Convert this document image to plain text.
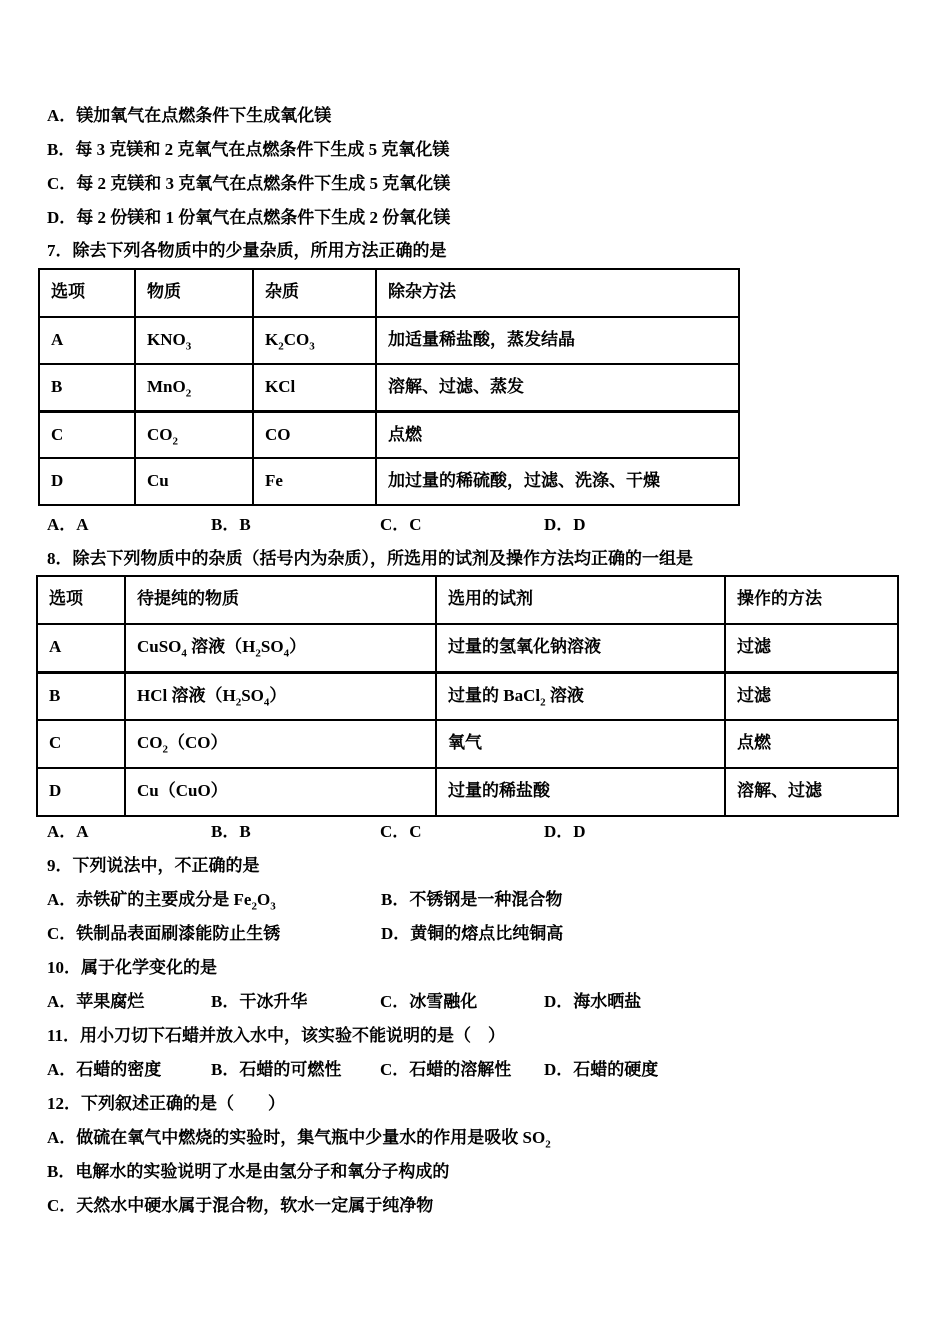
A．镁加氧气在点燃条件下生成氧化镁
B．每 3 克镁和 2 克氧气在点燃条件下生成 5 克氧化镁
C．每 2 克镁和 3 克氧气在点燃条件下生成 5 克氧化镁
D．每 2 份镁和 1 份氧气在点燃条件下生成 2 份氧化镁
7．除去下列各物质中的少量杂质，所用方法正确的是
选项	物质	杂质	除杂方法
A	$KNO_3$	$K_2CO_3$	加适量稀盐酸，蒸发结晶
B	MnO$_2$	KCl	溶解、过滤、蒸发
C	$CO_2$	CO	点燃
D	Cu	Fe	加过量的稀硫酸，过滤、洗涤、干燥
A．A	B．B	C．C	D．D
8．除去下列物质中的杂质（括号内为杂质），所选用的试剂及操作方法均正确的一组是
选项	待提纯的物质	选用的试剂	操作的方法
A	CuSO$_4$ 溶液$(H_2SO_4)$	过量的氢氧化钠溶液	过滤
B	HCl 溶液$(H_2SO_4)$	过量的 BaCl$_2$ 溶液	过滤
C	$CO_2(CO)$	氧气	点燃
D	Cu（CuO）	过量的稀盐酸	溶解、过滤
A．A	B．B	C．C	D．D
9．下列说法中，不正确的是
A．赤铁矿的主要成分是 $Fe_2O_3$	B．不锈钢是一种混合物
C．铁制品表面刷漆能防止生锈	D．黄铜的熔点比纯铜高
10．属于化学变化的是
A．苹果腐烂	B．干冰升华	C．冰雪融化	D．海水晒盐
11．用小刀切下石蜡并放入水中，该实验不能说明的是（　）
A．石蜡的密度	B．石蜡的可燃性 C．石蜡的溶解性 D．石蜡的硬度
12．下列叙述正确的是（　　）
A．做硫在氧气中燃烧的实验时，集气瓶中少量水的作用是吸收 $SO_2$
B．电解水的实验说明了水是由氢分子和氧分子构成的
C．天然水中硬水属于混合物，软水一定属于纯净物
